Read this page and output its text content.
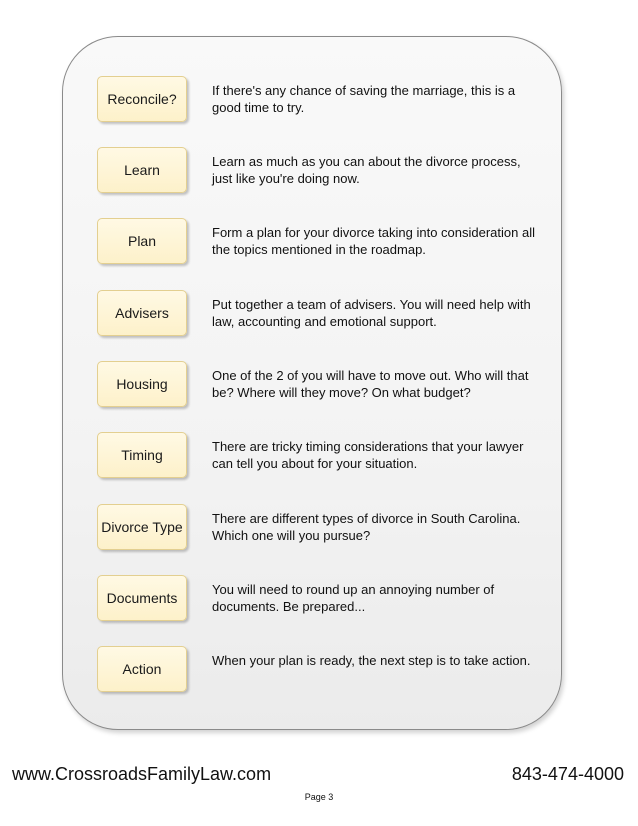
Reconcile?
If there's any chance of saving the marriage, this is a good time to try.
Learn
Learn as much as you can about the divorce process, just like you're doing now.
Plan
Form a plan for your divorce taking into consideration all the topics mentioned in the roadmap.
Advisers
Put together a team of advisers. You will need help with law, accounting and emotional support.
Housing
One of the 2 of you will have to move out. Who will that be? Where will they move? On what budget?
Timing
There are tricky timing considerations that your lawyer can tell you about for your situation.
Divorce Type
There are different types of divorce in South Carolina. Which one will you pursue?
Documents
You will need to round up an annoying number of documents. Be prepared...
Action
When your plan is ready, the next step is to take action.
www.CrossroadsFamilyLaw.com	843-474-4000
Page 3
